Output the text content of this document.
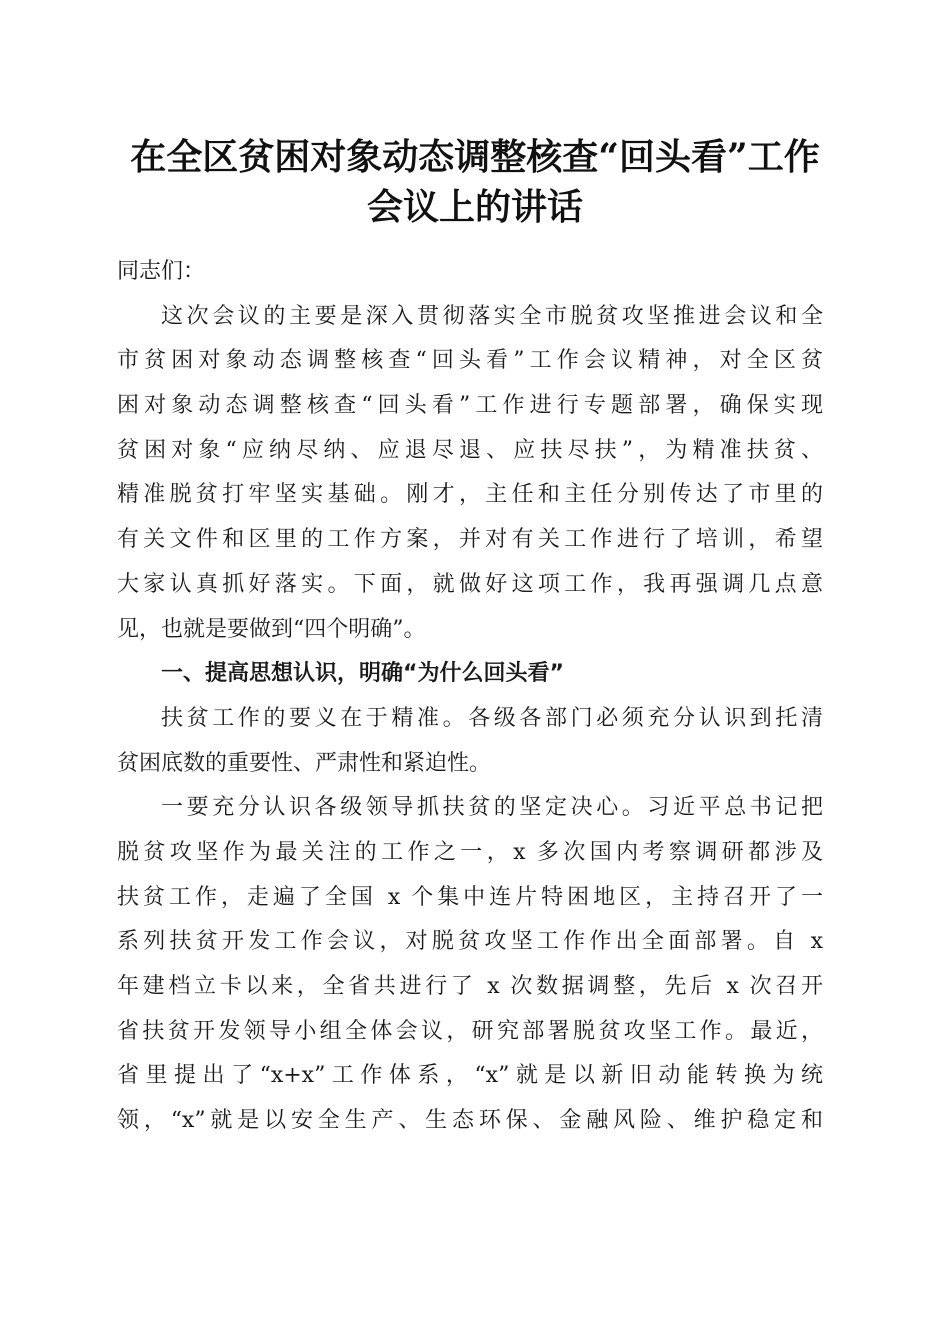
在全区贫困对象动态调整核查“回头看”工作
会议上的讲话
同志们：
这次会议的主要是深入贯彻落实全市脱贫攻坚推进会议和全
市贫困对象动态调整核查“回头看”工作会议精神，对全区贫
困对象动态调整核查“回头看”工作进行专题部署，确保实现
贫困对象“应纳尽纳、应退尽退、应扶尽扶”，为精准扶贫、
精准脱贫打牢坚实基础。刚才，主任和主任分别传达了市里的
有关文件和区里的工作方案，并对有关工作进行了培训，希望
大家认真抓好落实。下面，就做好这项工作，我再强调几点意
见，也就是要做到“四个明确”。
一、提高思想认识，明确“为什么回头看”
扶贫工作的要义在于精准。各级各部门必须充分认识到托清
贫困底数的重要性、严肃性和紧迫性。
一要充分认识各级领导抓扶贫的坚定决心。习近平总书记把
脱贫攻坚作为最关注的工作之一，x 多次国内考察调研都涉及
扶贫工作，走遍了全国 x 个集中连片特困地区，主持召开了一
系列扶贫开发工作会议，对脱贫攻坚工作作出全面部署。自 x
年建档立卡以来，全省共进行了 x 次数据调整，先后 x 次召开
省扶贫开发领导小组全体会议，研究部署脱贫攻坚工作。最近，
省里提出了“x+x”工作体系，“x”就是以新旧动能转换为统
领，“x”就是以安全生产、生态环保、金融风险、维护稳定和
